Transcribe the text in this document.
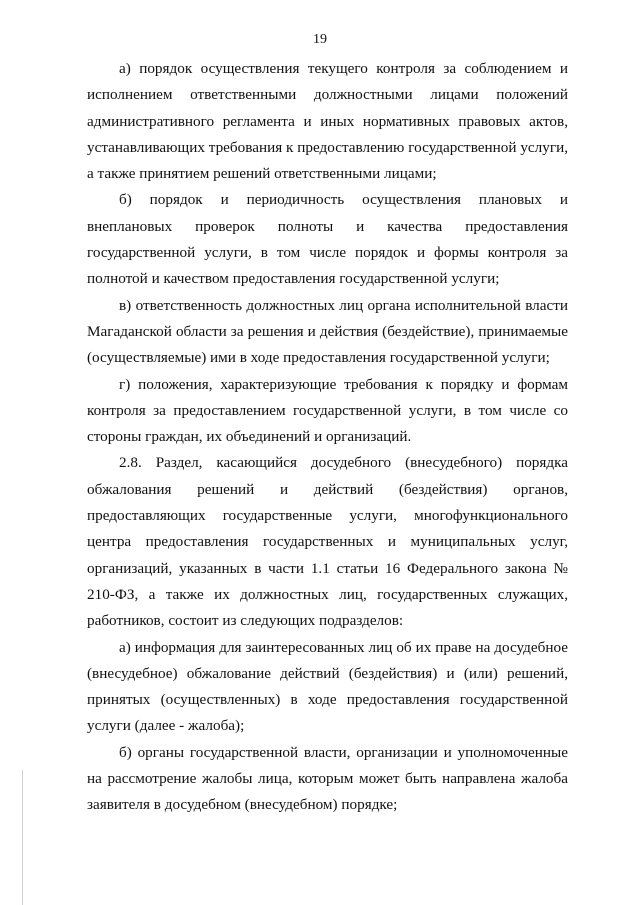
19

а) порядок осуществления текущего контроля за соблюдением и исполнением ответственными должностными лицами положений административного регламента и иных нормативных правовых актов, устанавливающих требования к предоставлению государственной услуги, а также принятием решений ответственными лицами;

б) порядок и периодичность осуществления плановых и внеплановых проверок полноты и качества предоставления государственной услуги, в том числе порядок и формы контроля за полнотой и качеством предоставления государственной услуги;

в) ответственность должностных лиц органа исполнительной власти Магаданской области за решения и действия (бездействие), принимаемые (осуществляемые) ими в ходе предоставления государственной услуги;

г) положения, характеризующие требования к порядку и формам контроля за предоставлением государственной услуги, в том числе со стороны граждан, их объединений и организаций.

2.8. Раздел, касающийся досудебного (внесудебного) порядка обжалования решений и действий (бездействия) органов, предоставляющих государственные услуги, многофункционального центра предоставления государственных и муниципальных услуг, организаций, указанных в части 1.1 статьи 16 Федерального закона № 210-ФЗ, а также их должностных лиц, государственных служащих, работников, состоит из следующих подразделов:

а) информация для заинтересованных лиц об их праве на досудебное (внесудебное) обжалование действий (бездействия) и (или) решений, принятых (осуществленных) в ходе предоставления государственной услуги (далее - жалоба);

б) органы государственной власти, организации и уполномоченные на рассмотрение жалобы лица, которым может быть направлена жалоба заявителя в досудебном (внесудебном) порядке;
